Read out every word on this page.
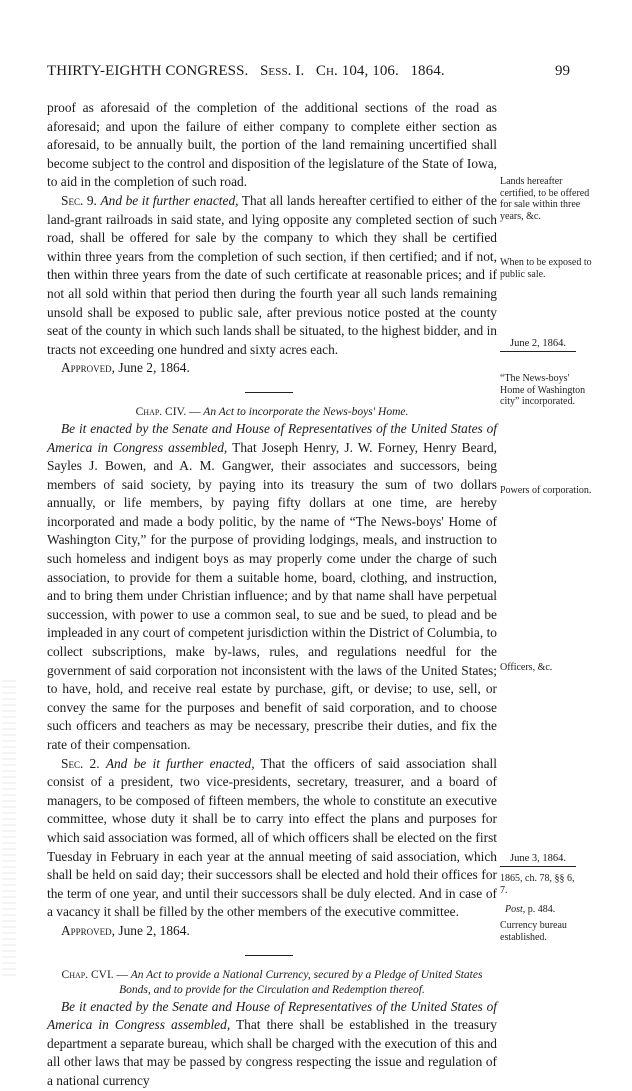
THIRTY-EIGHTH CONGRESS. Sess. I. Ch. 104, 106. 1864.	99

proof as aforesaid of the completion of the additional sections of the road as aforesaid; and upon the failure of either company to complete either section as aforesaid, to be annually built, the portion of the land remaining uncertified shall become subject to the control and disposition of the legislature of the State of Iowa, to aid in the completion of such road.

Sec. 9. And be it further enacted, That all lands hereafter certified to either of the land-grant railroads in said state, and lying opposite any completed section of such road, shall be offered for sale by the company to which they shall be certified within three years from the completion of such section, if then certified; and if not, then within three years from the date of such certificate at reasonable prices; and if not all sold within that period then during the fourth year all such lands remaining unsold shall be exposed to public sale, after previous notice posted at the county seat of the county in which such lands shall be situated, to the highest bidder, and in tracts not exceeding one hundred and sixty acres each.

Approved, June 2, 1864.

Chap. CIV. — An Act to incorporate the News-boys' Home.

Be it enacted by the Senate and House of Representatives of the United States of America in Congress assembled, That Joseph Henry, J. W. Forney, Henry Beard, Sayles J. Bowen, and A. M. Gangwer, their associates and successors, being members of said society, by paying into its treasury the sum of two dollars annually, or life members, by paying fifty dollars at one time, are hereby incorporated and made a body politic, by the name of “The News-boys' Home of Washington City,” for the purpose of providing lodgings, meals, and instruction to such homeless and indigent boys as may properly come under the charge of such association, to provide for them a suitable home, board, clothing, and instruction, and to bring them under Christian influence; and by that name shall have perpetual succession, with power to use a common seal, to sue and be sued, to plead and be impleaded in any court of competent jurisdiction within the District of Columbia, to collect subscriptions, make by-laws, rules, and regulations needful for the government of said corporation not inconsistent with the laws of the United States; to have, hold, and receive real estate by purchase, gift, or devise; to use, sell, or convey the same for the purposes and benefit of said corporation, and to choose such officers and teachers as may be necessary, prescribe their duties, and fix the rate of their compensation.

Sec. 2. And be it further enacted, That the officers of said association shall consist of a president, two vice-presidents, secretary, treasurer, and a board of managers, to be composed of fifteen members, the whole to constitute an executive committee, whose duty it shall be to carry into effect the plans and purposes for which said association was formed, all of which officers shall be elected on the first Tuesday in February in each year at the annual meeting of said association, which shall be held on said day; their successors shall be elected and hold their offices for the term of one year, and until their successors shall be duly elected. And in case of a vacancy it shall be filled by the other members of the executive committee.

Approved, June 2, 1864.

Chap. CVI. — An Act to provide a National Currency, secured by a Pledge of United States Bonds, and to provide for the Circulation and Redemption thereof.

Be it enacted by the Senate and House of Representatives of the United States of America in Congress assembled, That there shall be established in the treasury department a separate bureau, which shall be charged with the execution of this and all other laws that may be passed by congress respecting the issue and regulation of a national currency

Lands hereafter certified, to be offered for sale within three years, &c.
When to be exposed to public sale.
June 2, 1864.
“The News-boys' Home of Washington city” incorporated.
Powers of corporation.
Officers, &c.
June 3, 1864.
1865, ch. 78, §§ 6, 7.
Post, p. 484.
Currency bureau established.
